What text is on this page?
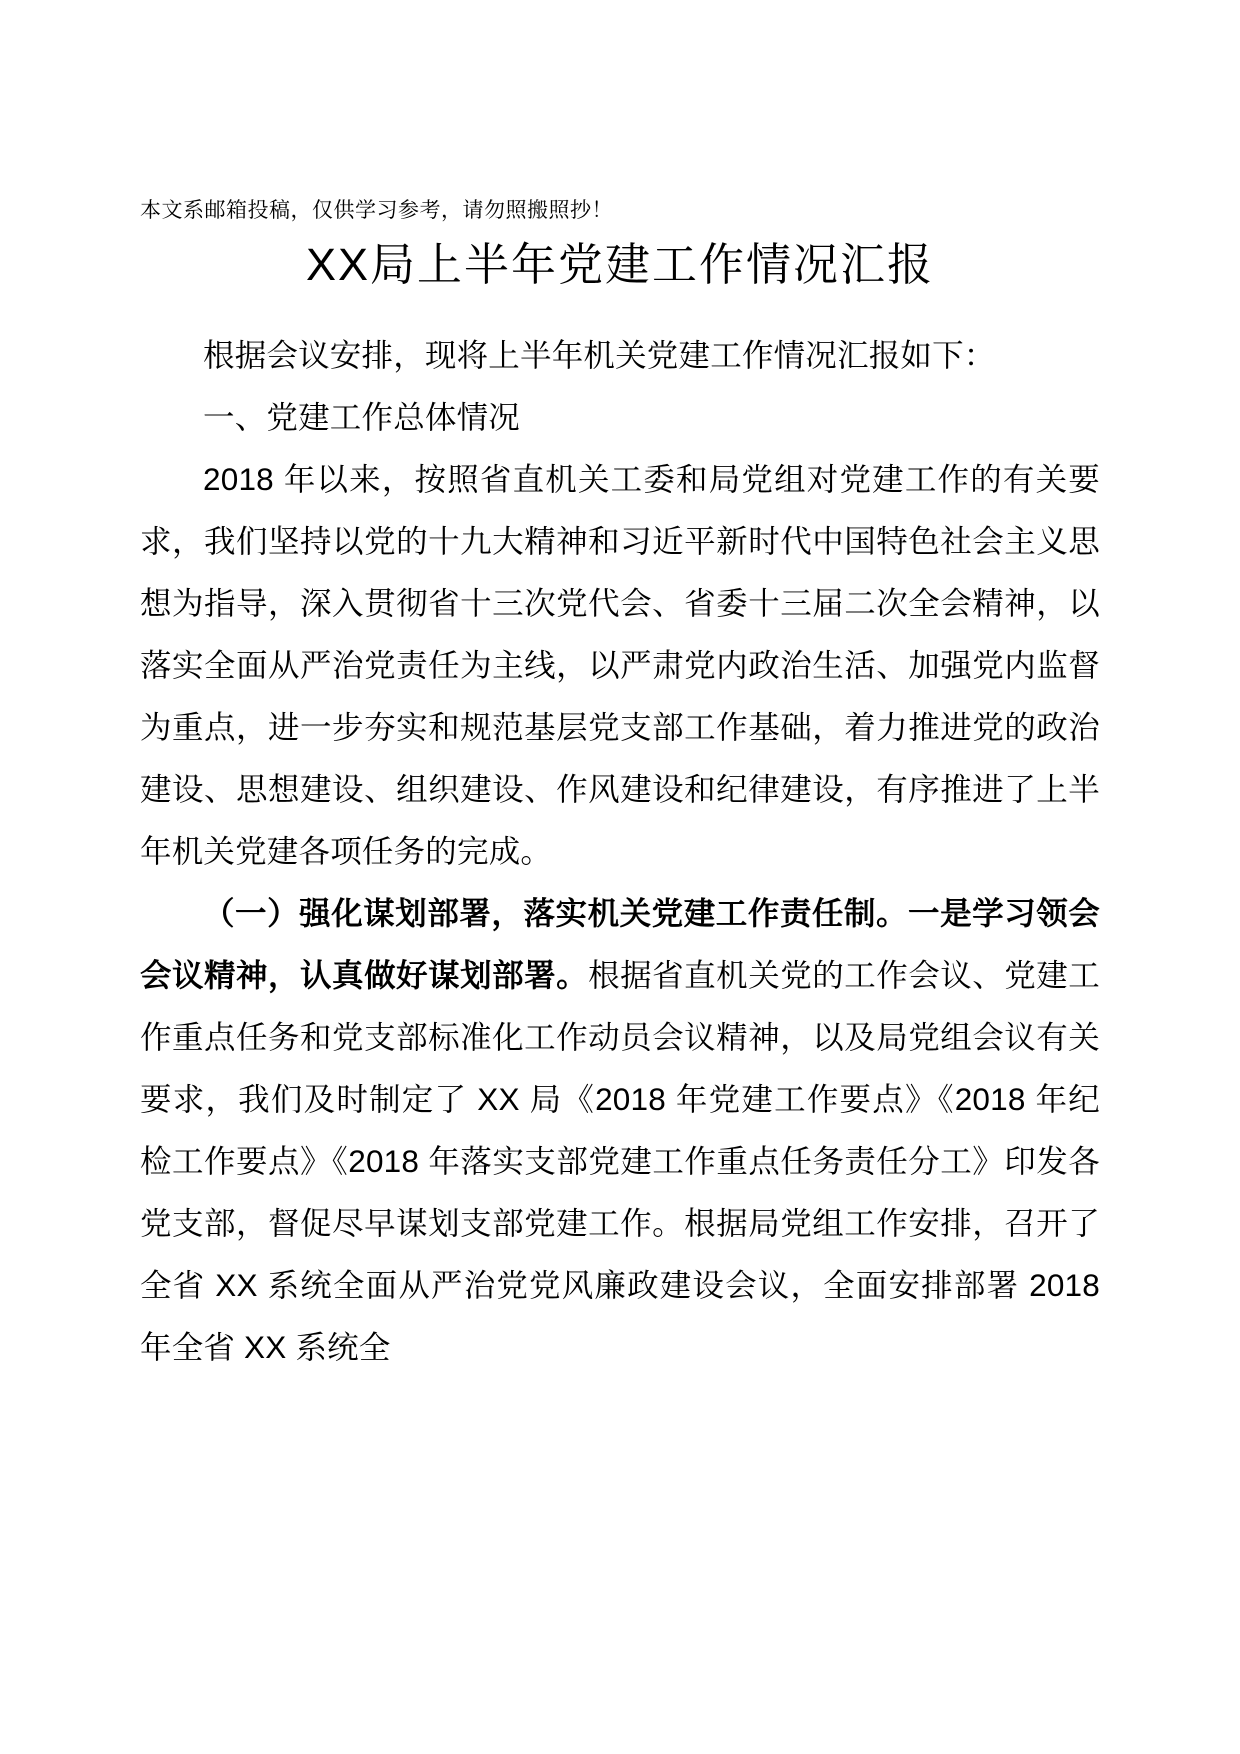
本文系邮箱投稿，仅供学习参考，请勿照搬照抄！

XX局上半年党建工作情况汇报

根据会议安排，现将上半年机关党建工作情况汇报如下：

一、党建工作总体情况

2018 年以来，按照省直机关工委和局党组对党建工作的有关要求，我们坚持以党的十九大精神和习近平新时代中国特色社会主义思想为指导，深入贯彻省十三次党代会、省委十三届二次全会精神，以落实全面从严治党责任为主线，以严肃党内政治生活、加强党内监督为重点，进一步夯实和规范基层党支部工作基础，着力推进党的政治建设、思想建设、组织建设、作风建设和纪律建设，有序推进了上半年机关党建各项任务的完成。

（一）强化谋划部署，落实机关党建工作责任制。一是学习领会会议精神，认真做好谋划部署。根据省直机关党的工作会议、党建工作重点任务和党支部标准化工作动员会议精神，以及局党组会议有关要求，我们及时制定了 XX 局《2018 年党建工作要点》《2018 年纪检工作要点》《2018 年落实支部党建工作重点任务责任分工》印发各党支部，督促尽早谋划支部党建工作。根据局党组工作安排，召开了全省 XX 系统全面从严治党党风廉政建设会议，全面安排部署 2018 年全省 XX 系统全
